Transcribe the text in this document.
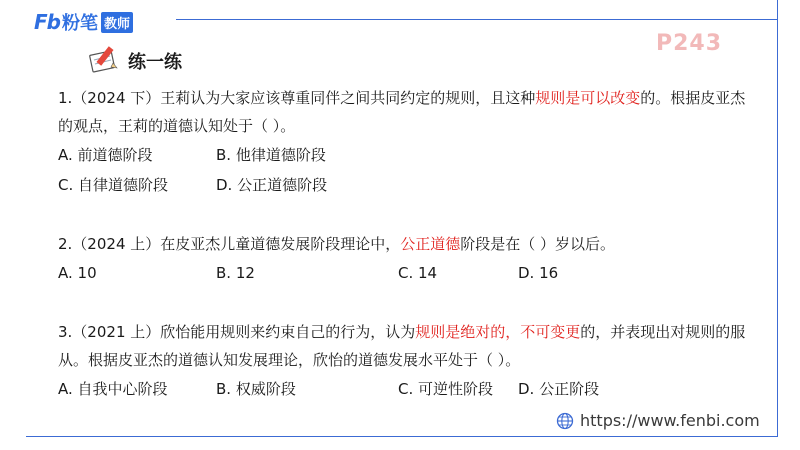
Fb 粉笔 教师
P243
练一练

1.（2024 下）王莉认为大家应该尊重同伴之间共同约定的规则，且这种规则是可以改变的。根据皮亚杰的观点，王莉的道德认知处于（ ）。

A. 前道德阶段	B. 他律道德阶段
C. 自律道德阶段	D. 公正道德阶段

2.（2024 上）在皮亚杰儿童道德发展阶段理论中，公正道德阶段是在（ ）岁以后。

A. 10	B. 12	C. 14	D. 16

3.（2021 上）欣怡能用规则来约束自己的行为，认为规则是绝对的，不可变更的，并表现出对规则的服从。根据皮亚杰的道德认知发展理论，欣怡的道德发展水平处于（ ）。

A. 自我中心阶段	B. 权威阶段	C. 可逆性阶段	D. 公正阶段
https://www.fenbi.com
